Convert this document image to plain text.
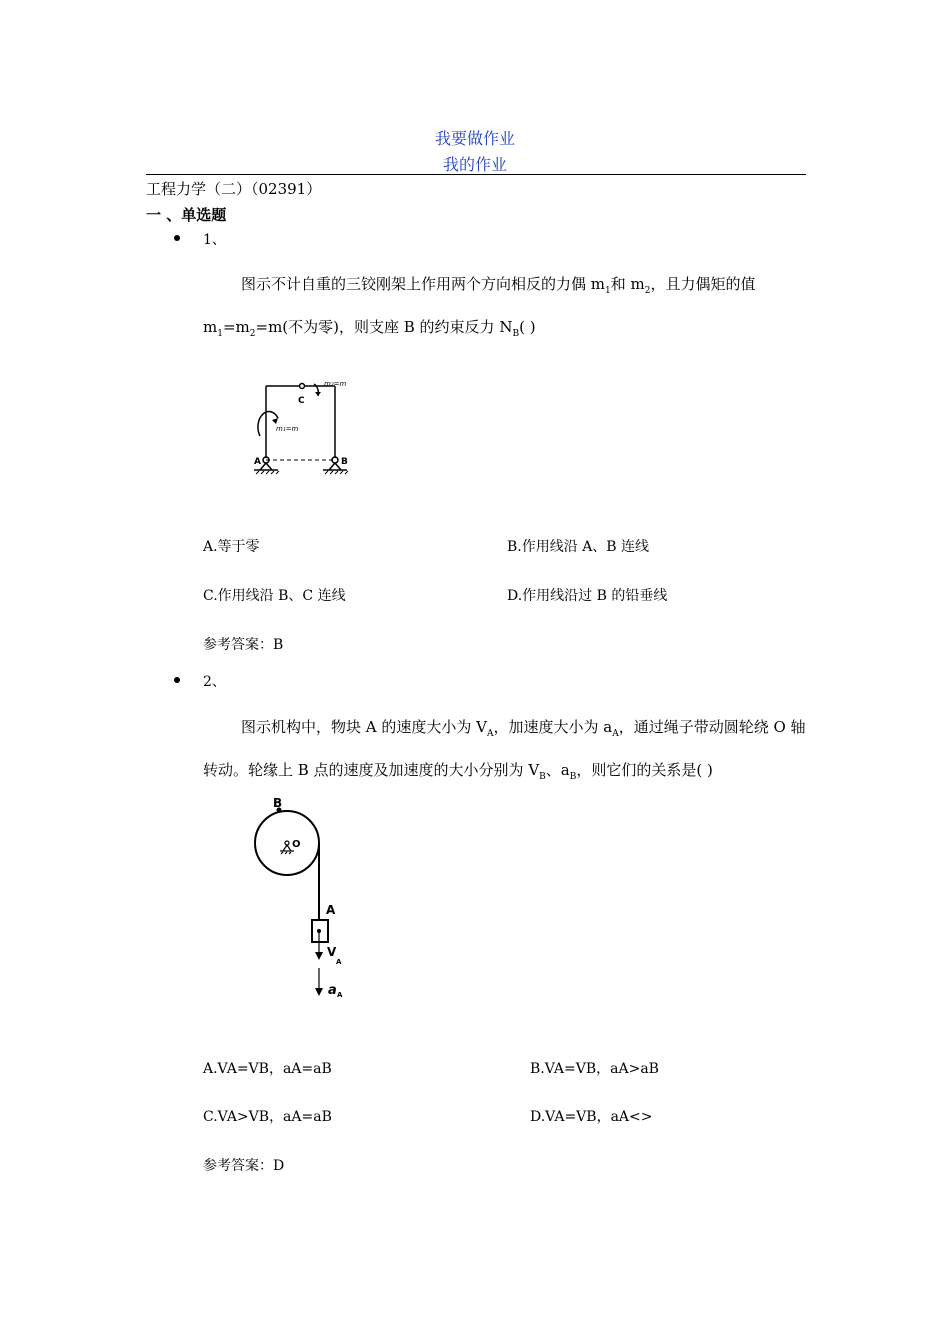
我要做作业
我的作业
工程力学（二）（02391）
一 、单选题
1、
图示不计自重的三铰刚架上作用两个方向相反的力偶 $m_1$和 $m_2$，且力偶矩的值 $m_1=m_2=m$(不为零)，则支座 B 的约束反力 $N_B$( )
C
A	B
m₁=m
m₂=m
A.等于零	B.作用线沿 A、B 连线
C.作用线沿 B、C 连线	D.作用线沿过 B 的铅垂线
参考答案：B
2、
图示机构中，物块 A 的速度大小为 $V_A$，加速度大小为 $a_A$，通过绳子带动圆轮绕 O 轴转动。轮缘上 B 点的速度及加速度的大小分别为 $V_B$、$a_B$，则它们的关系是( )
B
O
A
V
A
a A
A.VA=VB，aA=aB	B.VA=VB，aA>aB
C.VA>VB，aA=aB	D.VA=VB，aA<>
参考答案：D
